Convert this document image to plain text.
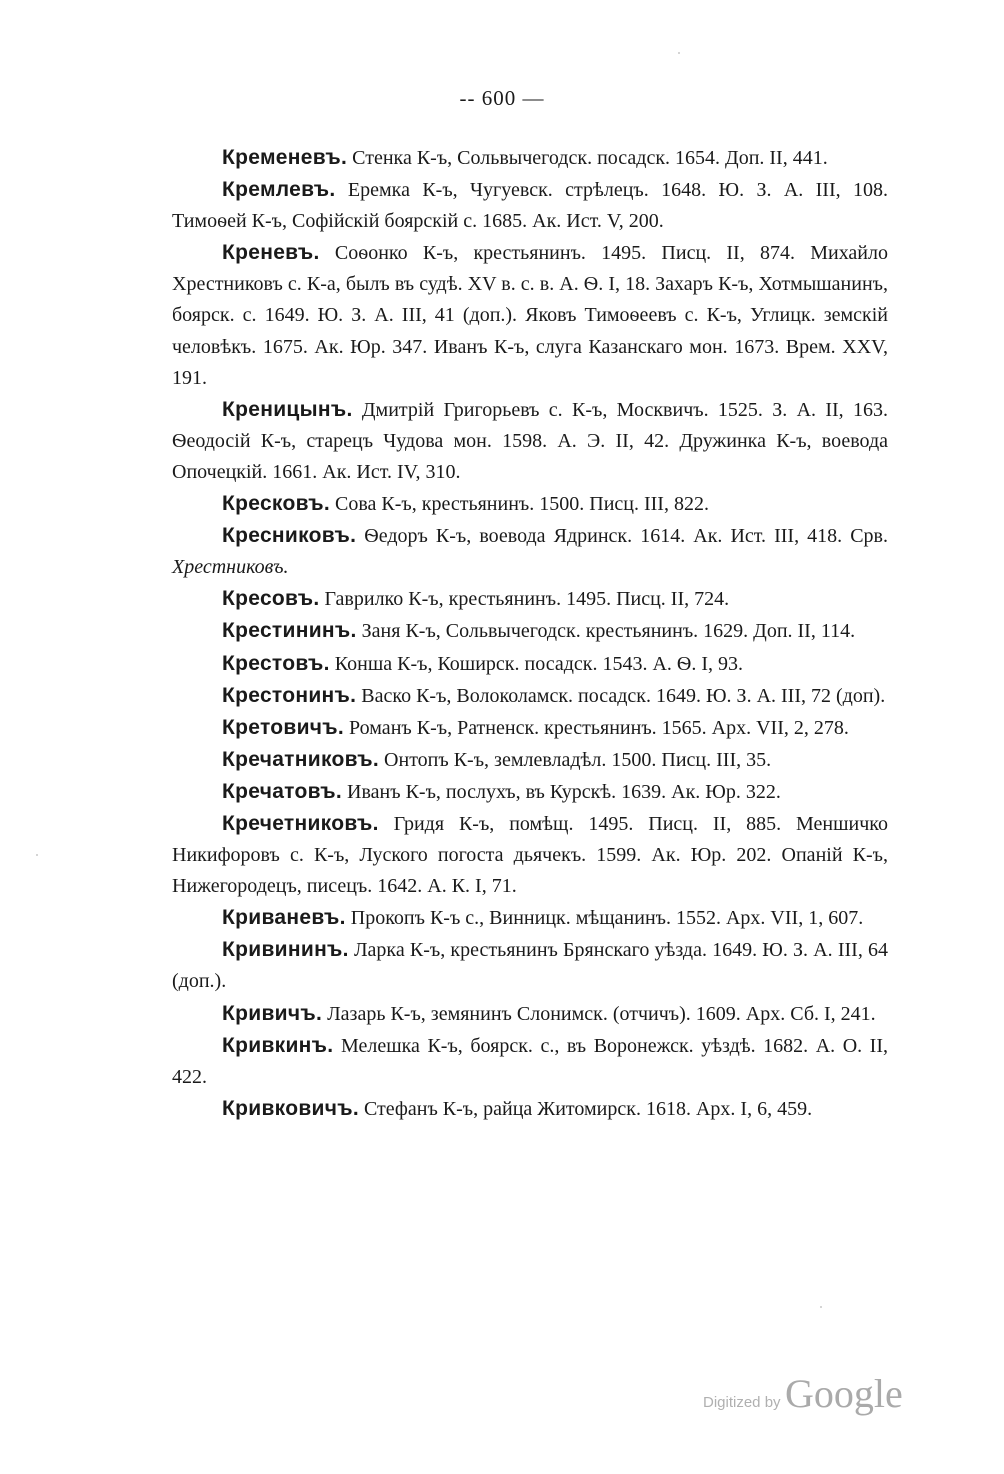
-- 600 —

Кременевъ. Стенка К-ъ, Сольвычегодск. посадск. 1654. Доп. II, 441.

Кремлевъ. Еремка К-ъ, Чугуевск. стрѣлецъ. 1648. Ю. З. А. III, 108. Тимоѳей К-ъ, Софійскій боярскій с. 1685. Ак. Ист. V, 200.

Креневъ. Соѳонко К-ъ, крестьянинъ. 1495. Писц. II, 874. Михайло Хрестниковъ с. К-а, былъ въ судѣ. XV в. с. в. А. Ѳ. I, 18. Захаръ К-ъ, Хотмышанинъ, боярск. с. 1649. Ю. З. А. III, 41 (доп.). Яковъ Тимоѳеевъ с. К-ъ, Углицк. земскій человѣкъ. 1675. Ак. Юр. 347. Иванъ К-ъ, слуга Казанскаго мон. 1673. Врем. XXV, 191.

Креницынъ. Дмитрій Григорьевъ с. К-ъ, Москвичъ. 1525. З. А. II, 163. Ѳеодосій К-ъ, старецъ Чудова мон. 1598. А. Э. II, 42. Дружинка К-ъ, воевода Опочецкій. 1661. Ак. Ист. IV, 310.

Кресковъ. Сова К-ъ, крестьянинъ. 1500. Писц. III, 822.

Кресниковъ. Ѳедоръ К-ъ, воевода Ядринск. 1614. Ак. Ист. III, 418. Срв. Хрестниковъ.

Кресовъ. Гаврилко К-ъ, крестьянинъ. 1495. Писц. II, 724.

Крестининъ. Заня К-ъ, Сольвычегодск. крестьянинъ. 1629. Доп. II, 114.

Крестовъ. Конша К-ъ, Коширск. посадск. 1543. А. Ѳ. I, 93.

Крестонинъ. Васко К-ъ, Волоколамск. посадск. 1649. Ю. З. А. III, 72 (доп).

Кретовичъ. Романъ К-ъ, Ратненск. крестьянинъ. 1565. Арх. VII, 2, 278.

Кречатниковъ. Онтопъ К-ъ, землевладѣл. 1500. Писц. III, 35.

Кречатовъ. Иванъ К-ъ, послухъ, въ Курскѣ. 1639. Ак. Юр. 322.

Кречетниковъ. Гридя К-ъ, помѣщ. 1495. Писц. II, 885. Меншичко Никифоровъ с. К-ъ, Луского погоста дьячекъ. 1599. Ак. Юр. 202. Опаній К-ъ, Нижегородецъ, писецъ. 1642. А. К. I, 71.

Криваневъ. Прокопъ К-ъ с., Винницк. мѣщанинъ. 1552. Арх. VII, 1, 607.

Кривининъ. Ларка К-ъ, крестьянинъ Брянскаго уѣзда. 1649. Ю. З. А. III, 64 (доп.).

Кривичъ. Лазарь К-ъ, земянинъ Слонимск. (отчичъ). 1609. Арх. Сб. I, 241.

Кривкинъ. Мелешка К-ъ, боярск. с., въ Воронежск. уѣздѣ. 1682. А. О. II, 422.

Кривковичъ. Стефанъ К-ъ, райца Житомирск. 1618. Арх. I, 6, 459.

Digitized by Google
